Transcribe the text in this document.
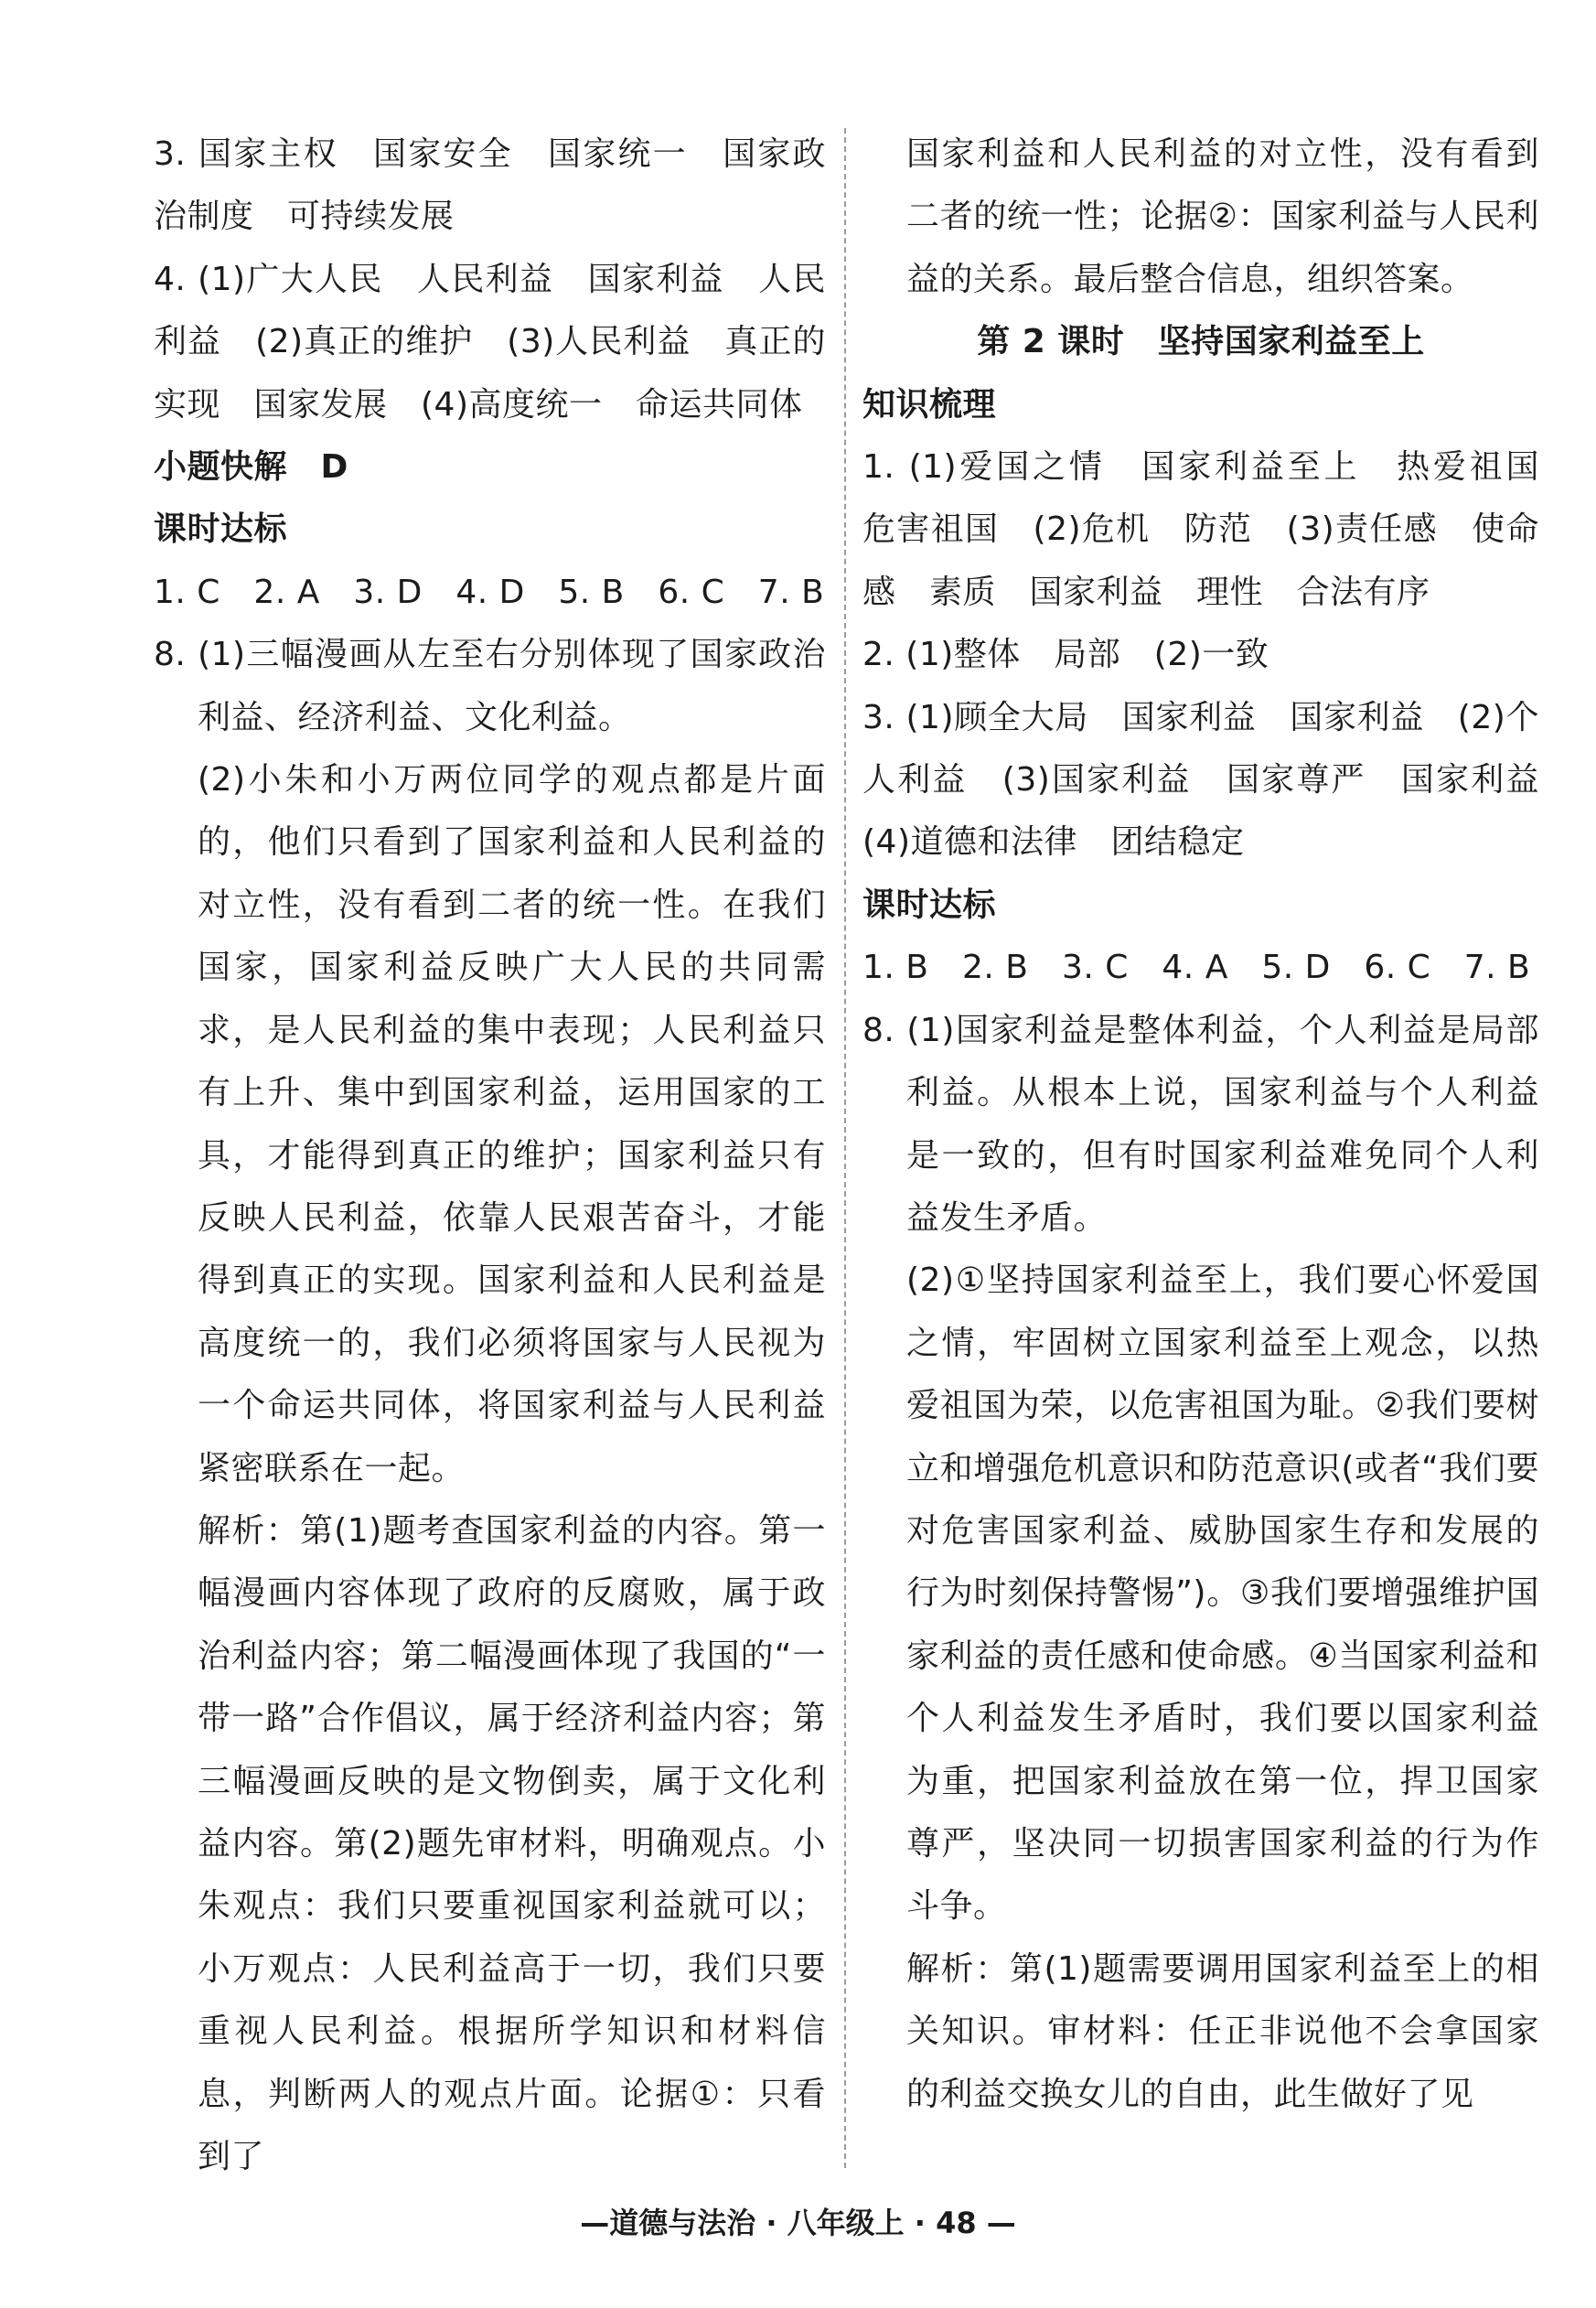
3. 国家主权　国家安全　国家统一　国家政治制度　可持续发展

4. (1)广大人民　人民利益　国家利益　人民利益　(2)真正的维护　(3)人民利益　真正的实现　国家发展　(4)高度统一　命运共同体

小题快解　D

课时达标

1. C　2. A　3. D　4. D　5. B　6. C　7. B

8. (1)三幅漫画从左至右分别体现了国家政治利益、经济利益、文化利益。

(2)小朱和小万两位同学的观点都是片面的，他们只看到了国家利益和人民利益的对立性，没有看到二者的统一性。在我们国家，国家利益反映广大人民的共同需求，是人民利益的集中表现；人民利益只有上升、集中到国家利益，运用国家的工具，才能得到真正的维护；国家利益只有反映人民利益，依靠人民艰苦奋斗，才能得到真正的实现。国家利益和人民利益是高度统一的，我们必须将国家与人民视为一个命运共同体，将国家利益与人民利益紧密联系在一起。

解析：第(1)题考查国家利益的内容。第一幅漫画内容体现了政府的反腐败，属于政治利益内容；第二幅漫画体现了我国的“一带一路”合作倡议，属于经济利益内容；第三幅漫画反映的是文物倒卖，属于文化利益内容。第(2)题先审材料，明确观点。小朱观点：我们只要重视国家利益就可以；小万观点：人民利益高于一切，我们只要重视人民利益。根据所学知识和材料信息，判断两人的观点片面。论据①：只看到了

国家利益和人民利益的对立性，没有看到二者的统一性；论据②：国家利益与人民利益的关系。最后整合信息，组织答案。

第 2 课时　坚持国家利益至上

知识梳理

1. (1)爱国之情　国家利益至上　热爱祖国　危害祖国　(2)危机　防范　(3)责任感　使命感　素质　国家利益　理性　合法有序

2. (1)整体　局部　(2)一致

3. (1)顾全大局　国家利益　国家利益　(2)个人利益　(3)国家利益　国家尊严　国家利益　(4)道德和法律　团结稳定

课时达标

1. B　2. B　3. C　4. A　5. D　6. C　7. B

8. (1)国家利益是整体利益，个人利益是局部利益。从根本上说，国家利益与个人利益是一致的，但有时国家利益难免同个人利益发生矛盾。

(2)①坚持国家利益至上，我们要心怀爱国之情，牢固树立国家利益至上观念，以热爱祖国为荣，以危害祖国为耻。②我们要树立和增强危机意识和防范意识(或者“我们要对危害国家利益、威胁国家生存和发展的行为时刻保持警惕”)。③我们要增强维护国家利益的责任感和使命感。④当国家利益和个人利益发生矛盾时，我们要以国家利益为重，把国家利益放在第一位，捍卫国家尊严，坚决同一切损害国家利益的行为作斗争。

解析：第(1)题需要调用国家利益至上的相关知识。审材料：任正非说他不会拿国家的利益交换女儿的自由，此生做好了见

—道德与法治 · 八年级上 · 48 —
